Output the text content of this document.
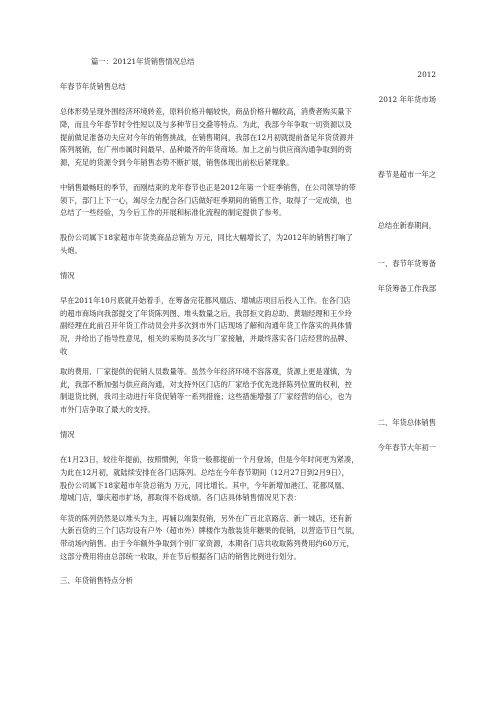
篇一：20121年货销售情况总结
2012
年春节年货销售总结
2012 年年货市场
总体形势呈现外围经济环境转差，原料价格升幅较快，商品价格升幅较高，消费者购买量下
降，而且今年春节时令性短以及与多种节日交叠等特点。为此，我部今年争取一切资源以及
提前做足准备功夫应对今年的销售挑战，在销售期间，我部在12月初就提前备足年货货源并
陈列展销，在广州市属时间最早、品种最齐的年货商场。加上之前与供应商沟通争取到的资
源，充足的货源令到今年销售态势不断扩展，销售体现出前松后紧现象。
春节是超市一年之
中销售最畅旺的季节，而刚结束的龙年春节也正是2012年第一个旺季销售，在公司领导的带
领下，部门上下一心，竭尽全力配合各门店做好旺季期间的销售工作，取得了一定成绩，也
总结了一些经验，为今后工作的开展和标准化流程的制定提供了参考。
总结在新春期间，
股份公司属下18家超市年货类商品总销为 万元，同比大幅增长了，为2012年的销售打响了
头炮。
一、春节年货筹备
情况
年货筹备工作我部
早在2011年10月底就开始着手，在筹备完花都风凰店、增城店项目后投入工作。在各门店
的超市商场向我部提交了年货陈列图、堆头数量之后，我部拒文韵总助、黄瑞经理和王少玲
副经理在此前召开年货工作动员会并多次到市外门店现场了解和沟通年货工作落实的具体情
况，并给出了指导性意见，相关的采购员多次与厂家接触，并最终落实各门店经营的品牌、
收
取的费用、厂家提供的促销人员数量等。虽然今年经济环境不容落观，货源上更是谨慎，为
此，我部不断加强与供应商沟通，对支持外区门店的厂家给予优先选择陈列位置的权利，控
制退货比例，我司主动进行年货促销等一系列措施；这些措施增强了厂家经营的信心，也为
市外门店争取了最大的支持。
二、年货总体销售
情况
今年春节大年初一
在1月23日，较往年提前，按照惯例，年货一般都提前一个月登场，但是今年时间更为紧凑，
为此在12月初，就陆续安排在各门店陈列。总结在今年春节期间（12月27日到2月9日），
股份公司属下18家超市年货总销为 万元，同比增长。其中，今年新增加港江、花都凤凰、
增城门店，肇庆超市扩场，都取得不俗成绩。各门店具体销售情况见下表：
年货的陈列仍然是以堆头为主，再辅以端架促销，另外在广百北京路店、新一城店，还有新
大新百货的三个门店均设有户外（超市外）牌楼作为散装货年糖果的促销，以营造节日气氛，
带动场内销售。由于今年额外争取到个别厂家资源，本期各门店共收取陈列费用约60万元，
这部分费用将由总部统一收取，并在节后根据各门店的销售比例进行划分。
三、年货销售特点分析
